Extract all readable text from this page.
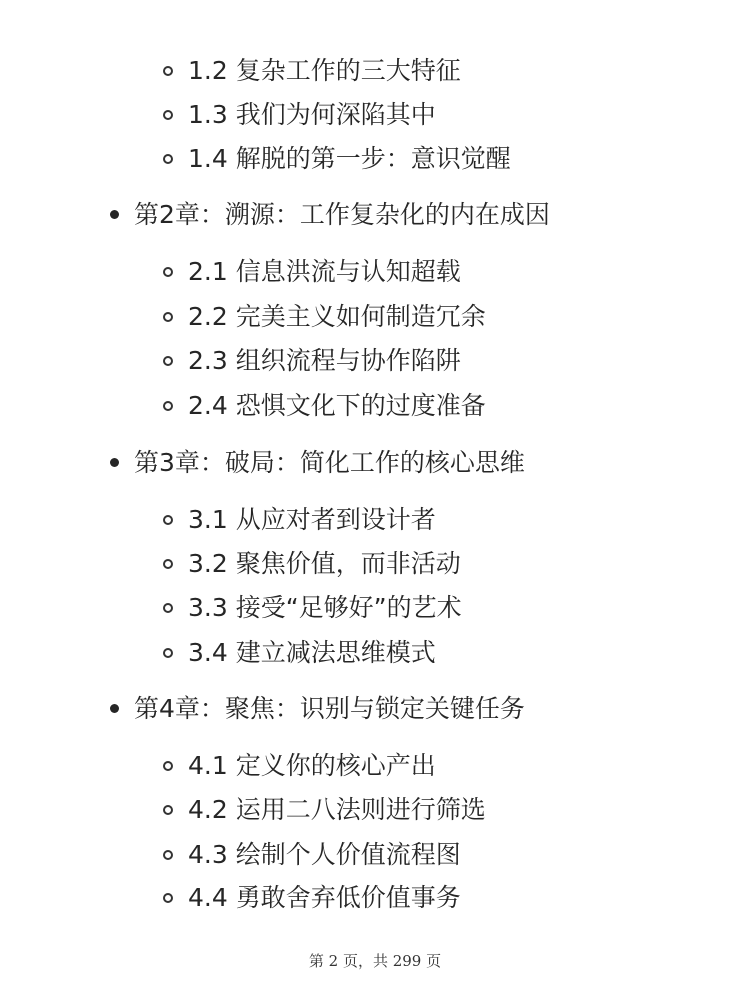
1.2 复杂工作的三大特征
1.3 我们为何深陷其中
1.4 解脱的第一步：意识觉醒
第2章：溯源：工作复杂化的内在成因
2.1 信息洪流与认知超载
2.2 完美主义如何制造冗余
2.3 组织流程与协作陷阱
2.4 恐惧文化下的过度准备
第3章：破局：简化工作的核心思维
3.1 从应对者到设计者
3.2 聚焦价值，而非活动
3.3 接受“足够好”的艺术
3.4 建立减法思维模式
第4章：聚焦：识别与锁定关键任务
4.1 定义你的核心产出
4.2 运用二八法则进行筛选
4.3 绘制个人价值流程图
4.4 勇敢舍弃低价值事务
第 2 页，共 299 页
